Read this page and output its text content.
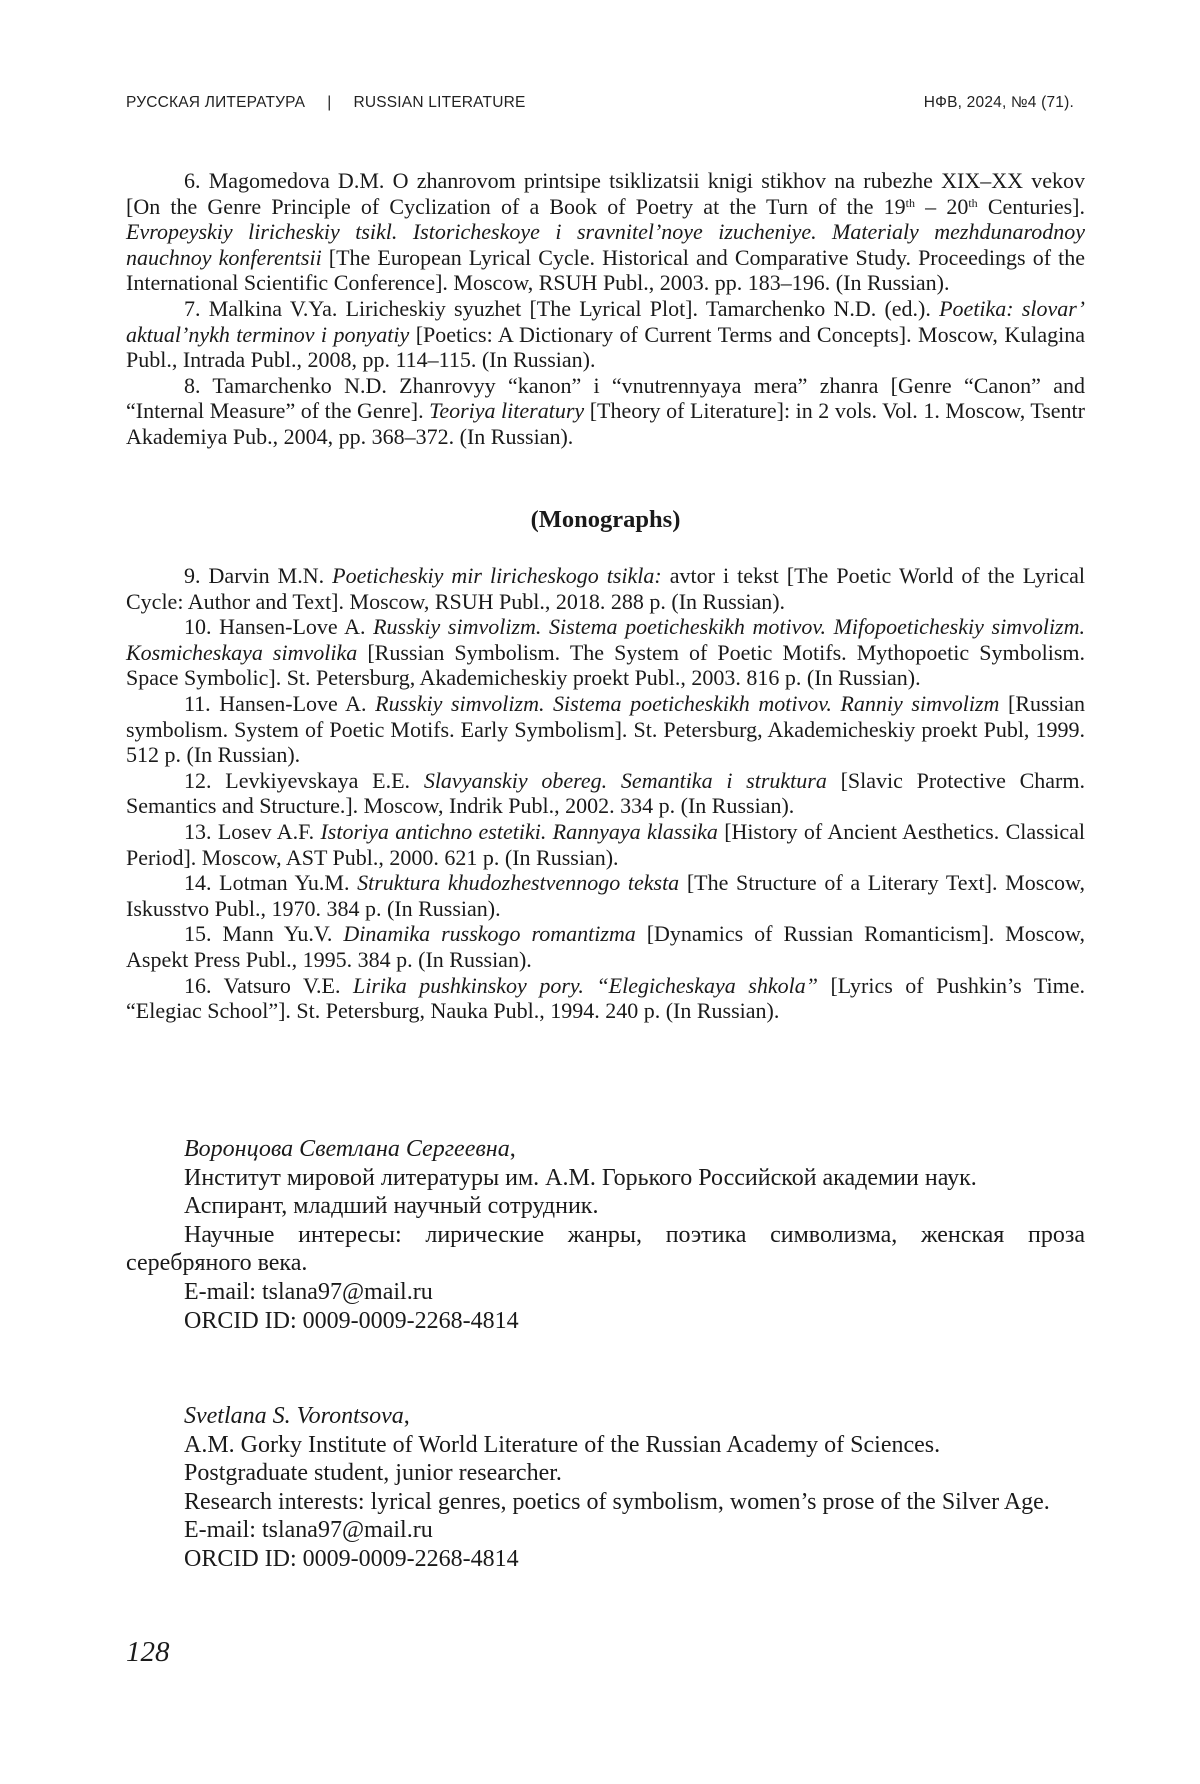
РУССКАЯ ЛИТЕРАТУРА | RUSSIAN LITERATURE	НФВ, 2024, №4 (71).

6. Magomedova D.M. O zhanrovom printsipe tsiklizatsii knigi stikhov na rubezhe XIX–XX vekov [On the Genre Principle of Cyclization of a Book of Poetry at the Turn of the 19th – 20th Centuries]. Evropeyskiy liricheskiy tsikl. Istoricheskoye i sravnitel’noye izucheniye. Materialy mezhdunarodnoy nauchnoy konferentsii [The European Lyrical Cycle. Historical and Comparative Study. Proceedings of the International Scientific Conference]. Moscow, RSUH Publ., 2003. pp. 183–196. (In Russian).

7. Malkina V.Ya. Liricheskiy syuzhet [The Lyrical Plot]. Tamarchenko N.D. (ed.). Poetika: slovar’ aktual’nykh terminov i ponyatiy [Poetics: A Dictionary of Current Terms and Concepts]. Moscow, Kulagina Publ., Intrada Publ., 2008, pp. 114–115. (In Russian).

8. Tamarchenko N.D. Zhanrovyy “kanon” i “vnutrennyaya mera” zhanra [Genre “Canon” and “Internal Measure” of the Genre]. Teoriya literatury [Theory of Literature]: in 2 vols. Vol. 1. Moscow, Tsentr Akademiya Pub., 2004, pp. 368–372. (In Russian).

(Monographs)

9. Darvin M.N. Poeticheskiy mir liricheskogo tsikla: avtor i tekst [The Poetic World of the Lyrical Cycle: Author and Text]. Moscow, RSUH Publ., 2018. 288 p. (In Russian).

10. Hansen-Love A. Russkiy simvolizm. Sistema poeticheskikh motivov. Mifopoeticheskiy simvolizm. Kosmicheskaya simvolika [Russian Symbolism. The System of Poetic Motifs. Mythopoetic Symbolism. Space Symbolic]. St. Petersburg, Akademicheskiy proekt Publ., 2003. 816 p. (In Russian).

11. Hansen-Love A. Russkiy simvolizm. Sistema poeticheskikh motivov. Ranniy simvolizm [Russian symbolism. System of Poetic Motifs. Early Symbolism]. St. Petersburg, Akademicheskiy proekt Publ, 1999. 512 p. (In Russian).

12. Levkiyevskaya E.E. Slavyanskiy obereg. Semantika i struktura [Slavic Protective Charm. Semantics and Structure.]. Moscow, Indrik Publ., 2002. 334 p. (In Russian).

13. Losev A.F. Istoriya antichno estetiki. Rannyaya klassika [History of Ancient Aesthetics. Classical Period]. Moscow, AST Publ., 2000. 621 p. (In Russian).

14. Lotman Yu.M. Struktura khudozhestvennogo teksta [The Structure of a Literary Text]. Moscow, Iskusstvo Publ., 1970. 384 p. (In Russian).

15. Mann Yu.V. Dinamika russkogo romantizma [Dynamics of Russian Romanticism]. Moscow, Aspekt Press Publ., 1995. 384 p. (In Russian).

16. Vatsuro V.E. Lirika pushkinskoy pory. “Elegicheskaya shkola” [Lyrics of Pushkin’s Time. “Elegiac School”]. St. Petersburg, Nauka Publ., 1994. 240 p. (In Russian).

Воронцова Светлана Сергеевна,

Институт мировой литературы им. А.М. Горького Российской академии наук.

Аспирант, младший научный сотрудник.

Научные интересы: лирические жанры, поэтика символизма, женская проза серебряного века.

E-mail: tslana97@mail.ru

ORCID ID: 0009-0009-2268-4814

Svetlana S. Vorontsova,

A.M. Gorky Institute of World Literature of the Russian Academy of Sciences.

Postgraduate student, junior researcher.

Research interests: lyrical genres, poetics of symbolism, women’s prose of the Silver Age.

E-mail: tslana97@mail.ru

ORCID ID: 0009-0009-2268-4814

128
